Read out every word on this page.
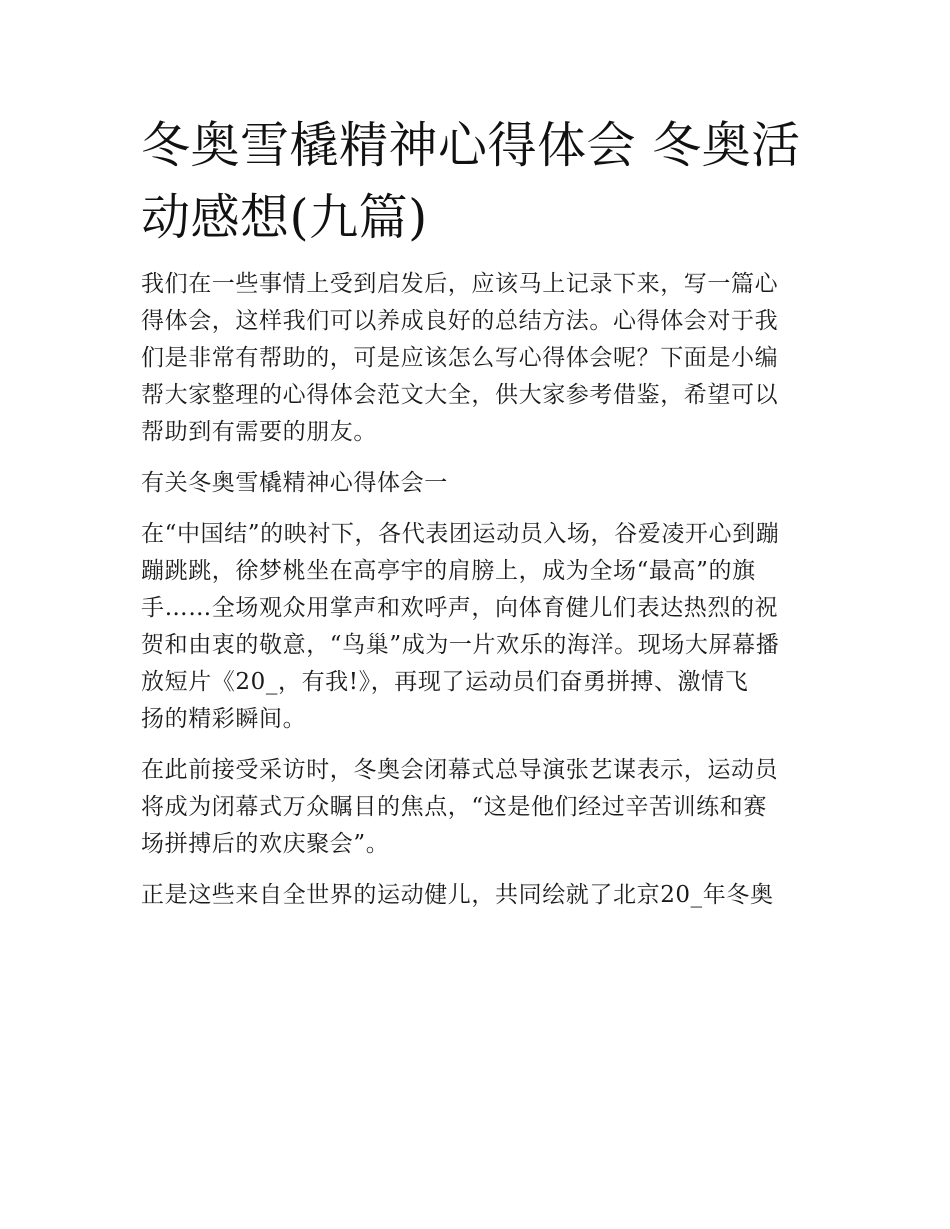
冬奥雪橇精神心得体会 冬奥活
动感想(九篇)
我们在一些事情上受到启发后，应该马上记录下来，写一篇心
得体会，这样我们可以养成良好的总结方法。心得体会对于我
们是非常有帮助的，可是应该怎么写心得体会呢？下面是小编
帮大家整理的心得体会范文大全，供大家参考借鉴，希望可以
帮助到有需要的朋友。
有关冬奥雪橇精神心得体会一
在“中国结”的映衬下，各代表团运动员入场，谷爱凌开心到蹦
蹦跳跳，徐梦桃坐在高亭宇的肩膀上，成为全场“最高”的旗
手……全场观众用掌声和欢呼声，向体育健儿们表达热烈的祝
贺和由衷的敬意，“鸟巢”成为一片欢乐的海洋。现场大屏幕播
放短片《20_，有我!》，再现了运动员们奋勇拼搏、激情飞
扬的精彩瞬间。
在此前接受采访时，冬奥会闭幕式总导演张艺谋表示，运动员
将成为闭幕式万众瞩目的焦点，“这是他们经过辛苦训练和赛
场拼搏后的欢庆聚会”。
正是这些来自全世界的运动健儿，共同绘就了北京20_年冬奥
